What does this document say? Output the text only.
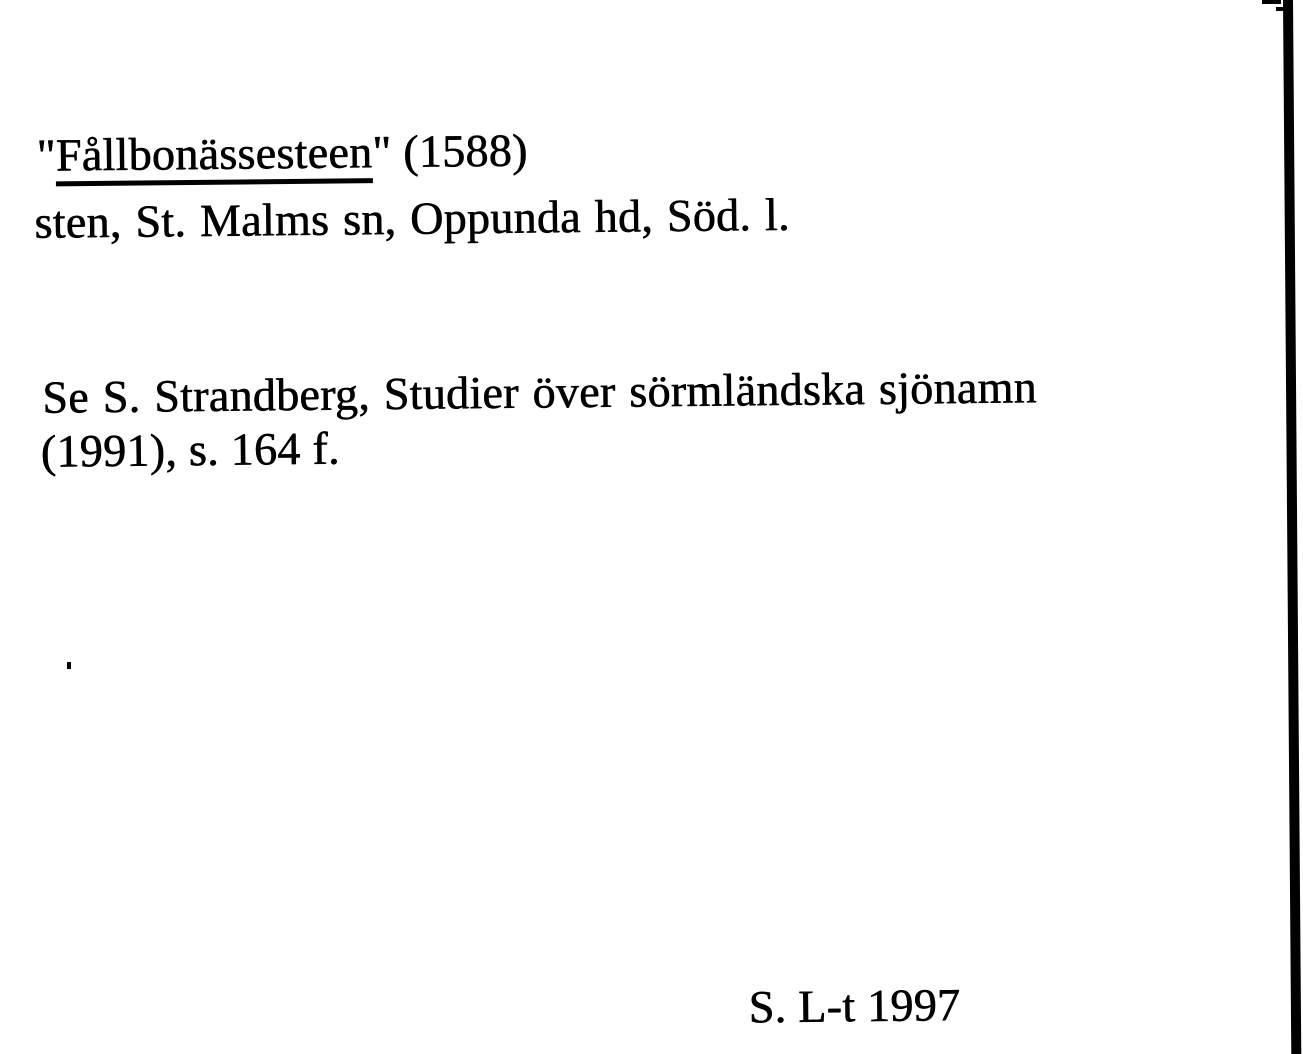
"Fållbonässesteen" (1588)

sten, St. Malms sn, Oppunda hd, Söd. l.

Se S. Strandberg, Studier över sörmländska sjönamn

(1991), s. 164 f.

S. L-t 1997
